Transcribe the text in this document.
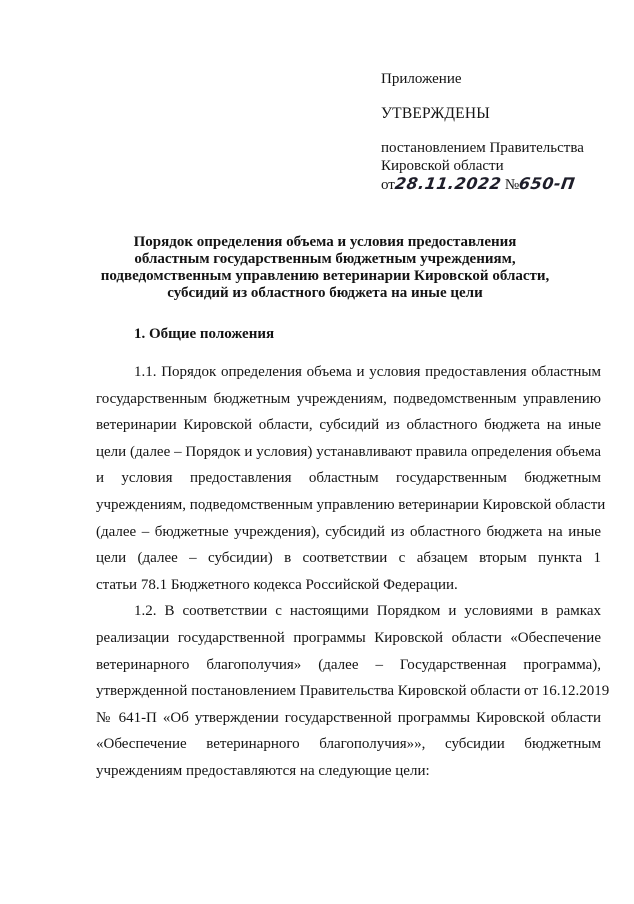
Приложение
УТВЕРЖДЕНЫ
постановлением Правительства
Кировской области
от28.11.2022 №650-П
Порядок определения объема и условия предоставления
областным государственным бюджетным учреждениям,
подведомственным управлению ветеринарии Кировской области,
субсидий из областного бюджета на иные цели
1. Общие положения

1.1. Порядок определения объема и условия предоставления областным
государственным бюджетным учреждениям, подведомственным управлению
ветеринарии Кировской области, субсидий из областного бюджета на иные
цели (далее – Порядок и условия) устанавливают правила определения объема
и условия предоставления областным государственным бюджетным
учреждениям, подведомственным управлению ветеринарии Кировской области
(далее – бюджетные учреждения), субсидий из областного бюджета на иные
цели (далее – субсидии) в соответствии с абзацем вторым пункта 1
статьи 78.1 Бюджетного кодекса Российской Федерации.

1.2. В соответствии с настоящими Порядком и условиями в рамках
реализации государственной программы Кировской области «Обеспечение
ветеринарного благополучия» (далее – Государственная программа),
утвержденной постановлением Правительства Кировской области от 16.12.2019
№ 641-П «Об утверждении государственной программы Кировской области
«Обеспечение ветеринарного благополучия»», субсидии бюджетным
учреждениям предоставляются на следующие цели:
